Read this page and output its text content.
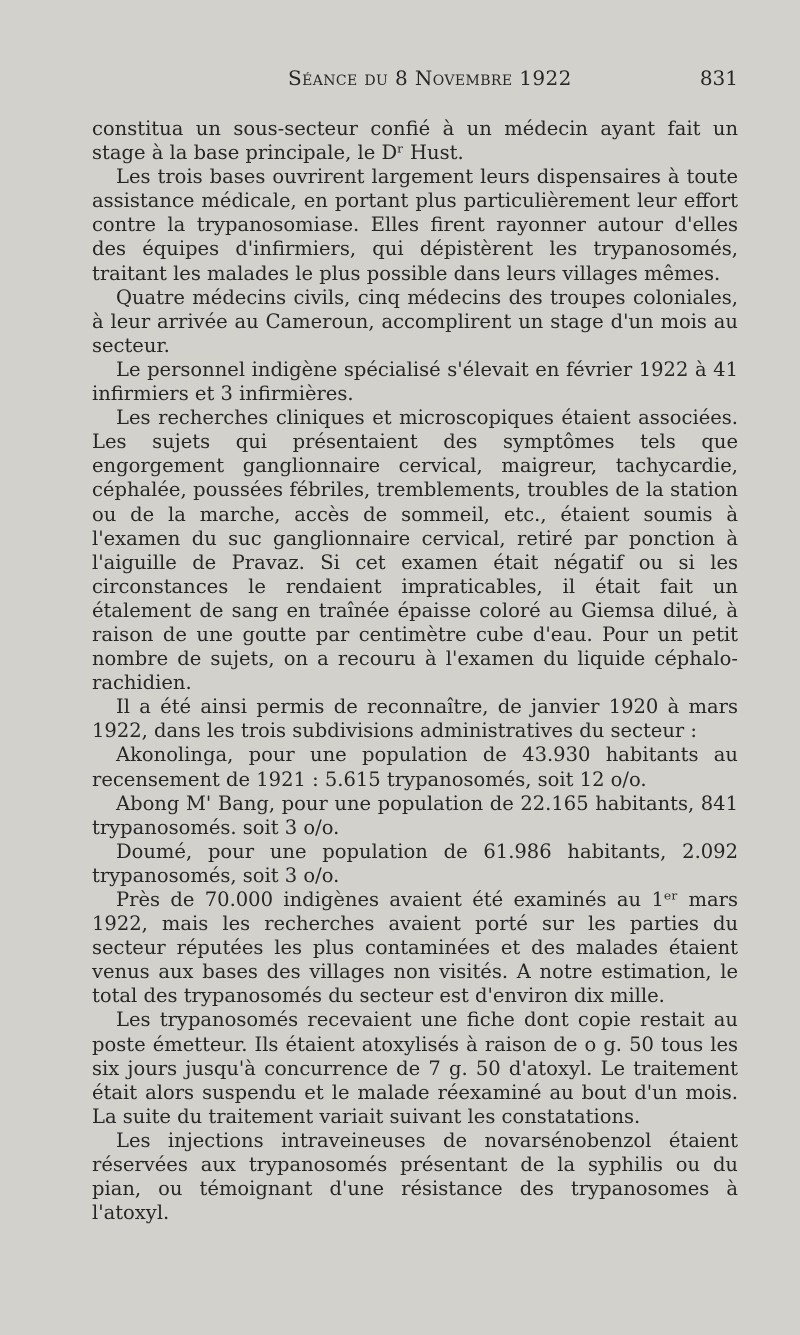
Séance du 8 Novembre 1922	831

constitua un sous-secteur confié à un médecin ayant fait un stage à la base principale, le Dʳ Hust.

Les trois bases ouvrirent largement leurs dispensaires à toute assistance médicale, en portant plus particulièrement leur effort contre la trypanosomiase. Elles firent rayonner autour d'elles des équipes d'infirmiers, qui dépistèrent les trypanosomés, traitant les malades le plus possible dans leurs villages mêmes.

Quatre médecins civils, cinq médecins des troupes coloniales, à leur arrivée au Cameroun, accomplirent un stage d'un mois au secteur.

Le personnel indigène spécialisé s'élevait en février 1922 à 41 infirmiers et 3 infirmières.

Les recherches cliniques et microscopiques étaient associées. Les sujets qui présentaient des symptômes tels que engorgement ganglionnaire cervical, maigreur, tachycardie, céphalée, poussées fébriles, tremblements, troubles de la station ou de la marche, accès de sommeil, etc., étaient soumis à l'examen du suc ganglionnaire cervical, retiré par ponction à l'aiguille de Pravaz. Si cet examen était négatif ou si les circonstances le rendaient impraticables, il était fait un étalement de sang en traînée épaisse coloré au Giemsa dilué, à raison de une goutte par centimètre cube d'eau. Pour un petit nombre de sujets, on a recouru à l'examen du liquide céphalo-rachidien.

Il a été ainsi permis de reconnaître, de janvier 1920 à mars 1922, dans les trois subdivisions administratives du secteur :

Akonolinga, pour une population de 43.930 habitants au recensement de 1921 : 5.615 trypanosomés, soit 12 o/o.

Abong M' Bang, pour une population de 22.165 habitants, 841 trypanosomés. soit 3 o/o.

Doumé, pour une population de 61.986 habitants, 2.092 trypanosomés, soit 3 o/o.

Près de 70.000 indigènes avaient été examinés au 1ᵉʳ mars 1922, mais les recherches avaient porté sur les parties du secteur réputées les plus contaminées et des malades étaient venus aux bases des villages non visités. A notre estimation, le total des trypanosomés du secteur est d'environ dix mille.

Les trypanosomés recevaient une fiche dont copie restait au poste émetteur. Ils étaient atoxylisés à raison de o g. 50 tous les six jours jusqu'à concurrence de 7 g. 50 d'atoxyl. Le traitement était alors suspendu et le malade réexaminé au bout d'un mois. La suite du traitement variait suivant les constatations.

Les injections intraveineuses de novarsénobenzol étaient réservées aux trypanosomés présentant de la syphilis ou du pian, ou témoignant d'une résistance des trypanosomes à l'atoxyl.
